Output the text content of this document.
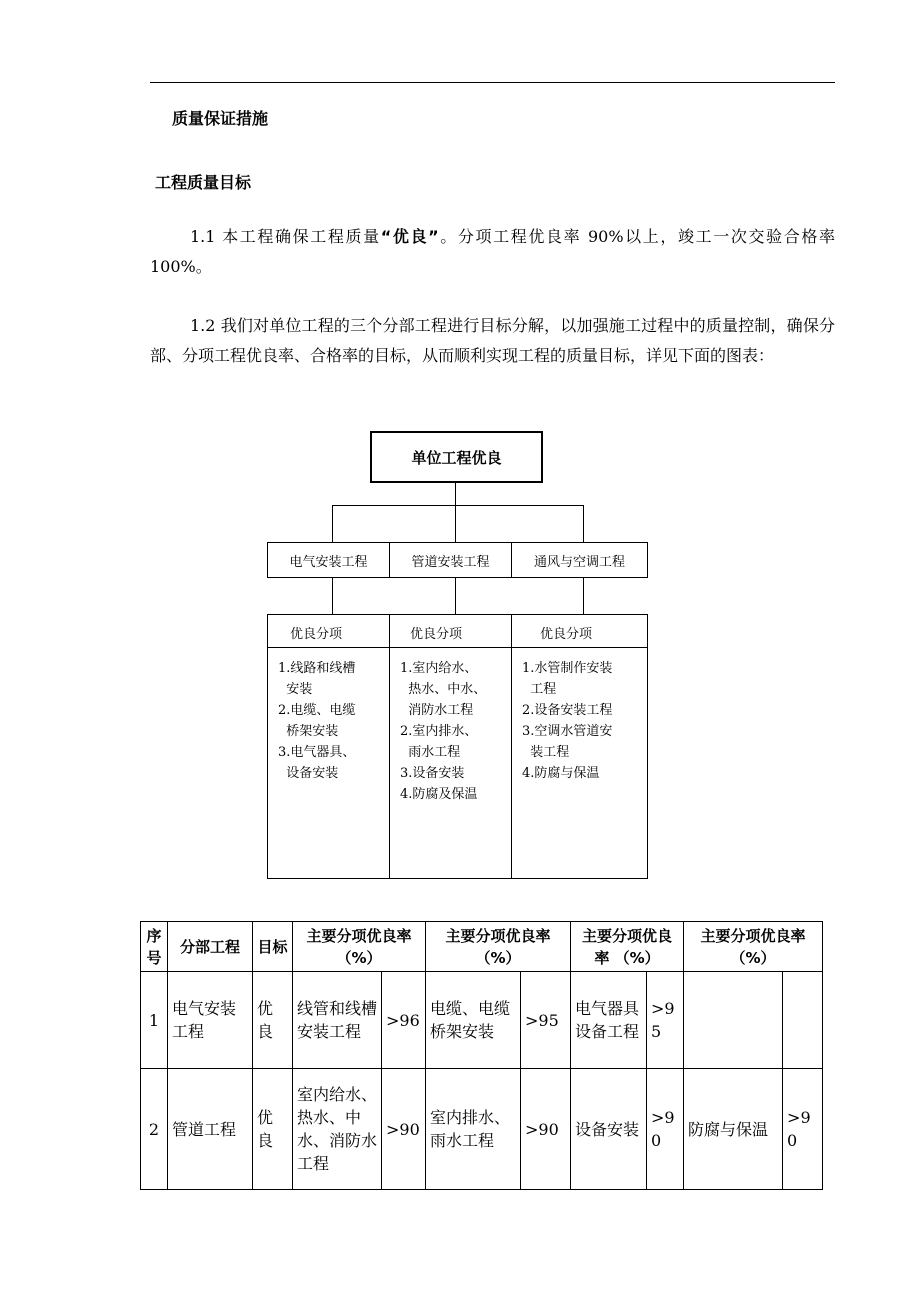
质量保证措施
工程质量目标
1.1 本工程确保工程质量“优良”。分项工程优良率 90%以上，竣工一次交验合格率 100%。
1.2 我们对单位工程的三个分部工程进行目标分解，以加强施工过程中的质量控制，确保分部、分项工程优良率、合格率的目标，从而顺利实现工程的质量目标，详见下面的图表：
单位工程优良
电气安装工程	管道安装工程	通风与空调工程
优良分项	优良分项	优良分项
1.线路和线槽
安装
2.电缆、电缆
桥架安装
3.电气器具、
设备安装
1.室内给水、
热水、中水、
消防水工程
2.室内排水、
雨水工程
3.设备安装
4.防腐及保温
1.水管制作安装
工程
2.设备安装工程
3.空调水管道安
装工程
4.防腐与保温
序号	分部工程	目标	主要分项优良率（%）		主要分项优良率 （%）		主要分项优良率 （%）		主要分项优良率 （%）	
1	电气安装工程	优良	线管和线槽安装工程	>96	电缆、电缆桥架安装	>95	电气器具设备工程	>95		
2	管道工程	优良	室内给水、热水、中水、消防水工程	>90	室内排水、雨水工程	>90	设备安装	>90	防腐与保温	>90
